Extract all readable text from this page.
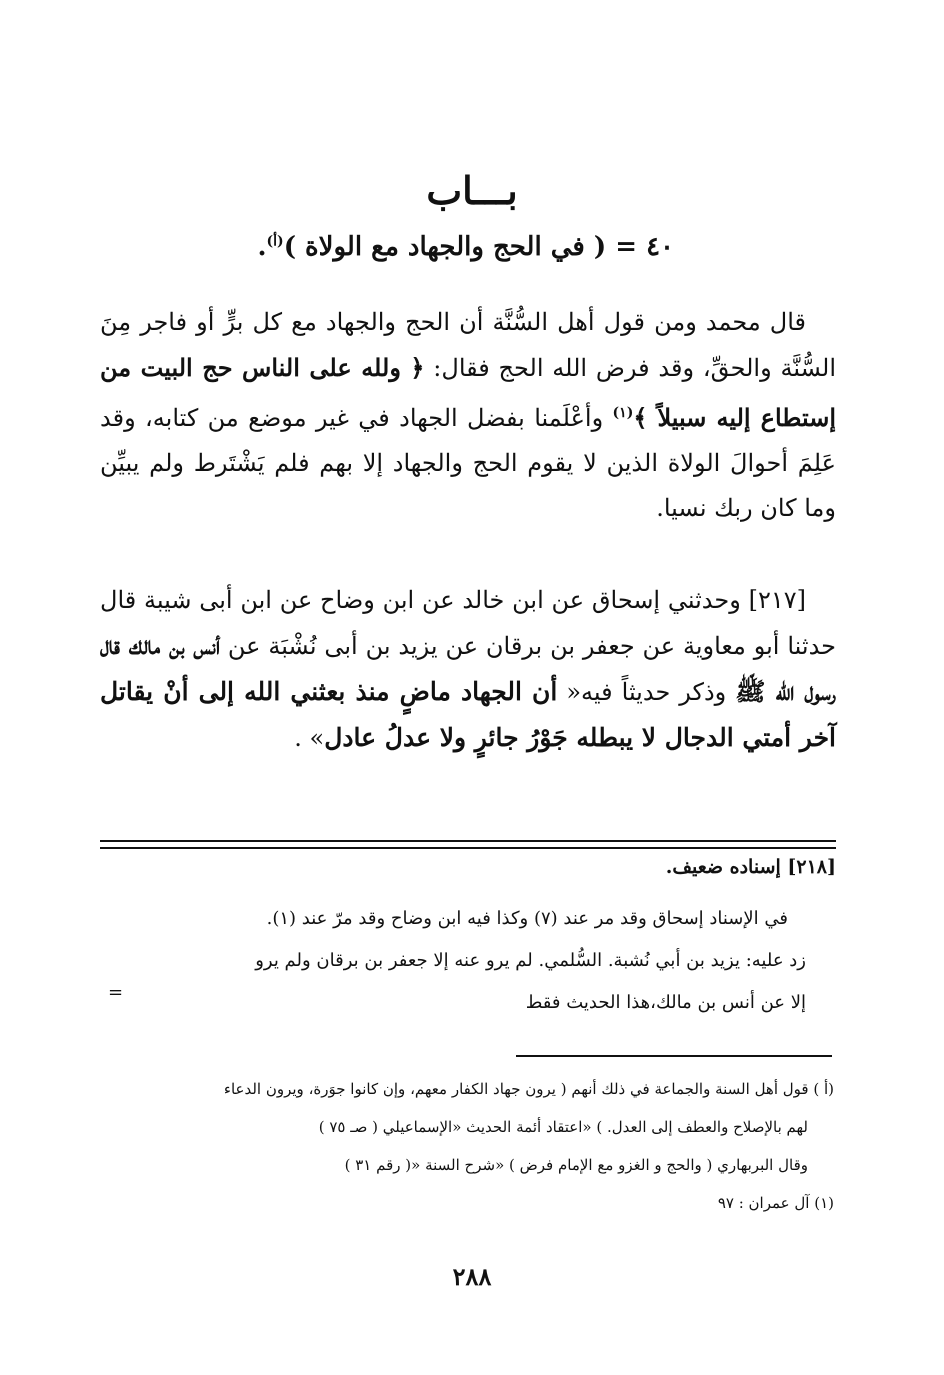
بـــاب
٤٠ = ( في الحج والجهاد مع الولاة )$^{(أ)}$.

قال محمد ومن قول أهل السُّنَّة أن الحج والجهاد مع كل برٍّ أو فاجر مِنَ السُّنَّة والحقِّ، وقد فرض الله الحج فقال: ﴿ ولله على الناس حج البيت من إستطاع إليه سبيلاً ﴾$^{(١)}$ وأعْلَمنا بفضل الجهاد في غير موضع من كتابه، وقد عَلِمَ أحوالَ الولاة الذين لا يقوم الحج والجهاد إلا بهم فلم يَشْتَرط ولم يبيِّن وما كان ربك نسيا.

[٢١٧] وحدثني إسحاق عن ابن خالد عن ابن وضاح عن ابن أبى شيبة قال حدثنا أبو معاوية عن جعفر بن برقان عن يزيد بن أبى نُشْبَة عن أنس بن مالك قال رسول الله ﷺ وذكر حديثاً فيه« أن الجهاد ماضٍ منذ بعثني الله إلى أنْ يقاتل آخر أمتي الدجال لا يبطله جَوْرُ جائرٍ ولا عدلُ عادل» .

[٢١٨] إسناده ضعيف.

في الإسناد إسحاق وقد مر عند (٧) وكذا فيه ابن وضاح وقد مرّ عند (١).
زد عليه: يزيد بن أبي نُشبة. السُّلمي. لم يرو عنه إلا جعفر بن برقان ولم يرو
إلا عن أنس بن مالك،هذا الحديث فقط

=

(أ ) قول أهل السنة والجماعة في ذلك أنهم ( يرون جهاد الكفار معهم، وإن كانوا جوَرة، ويرون الدعاء
لهم بالإصلاح والعطف إلى العدل. ) «اعتقاد أئمة الحديث «الإسماعيلي ( صـ ٧٥ )
وقال البربهاري ( والحج و الغزو مع الإمام فرض ) «شرح السنة «( رقم ٣١ )
(١) آل عمران : ٩٧

٢٨٨
